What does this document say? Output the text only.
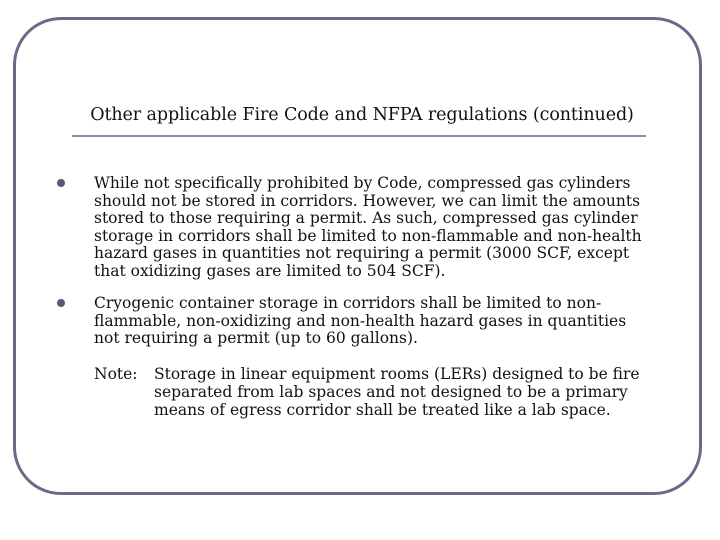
Other applicable Fire Code and NFPA regulations (continued)
While not specifically prohibited by Code, compressed gas cylinders should not be stored in corridors. However, we can limit the amounts stored to those requiring a permit. As such, compressed gas cylinder storage in corridors shall be limited to non-flammable and non-health hazard gases in quantities not requiring a permit (3000 SCF, except that oxidizing gases are limited to 504 SCF).
Cryogenic container storage in corridors shall be limited to non-flammable, non-oxidizing and non-health hazard gases in quantities not requiring a permit (up to 60 gallons).
Note: Storage in linear equipment rooms (LERs) designed to be fire separated from lab spaces and not designed to be a primary means of egress corridor shall be treated like a lab space.
